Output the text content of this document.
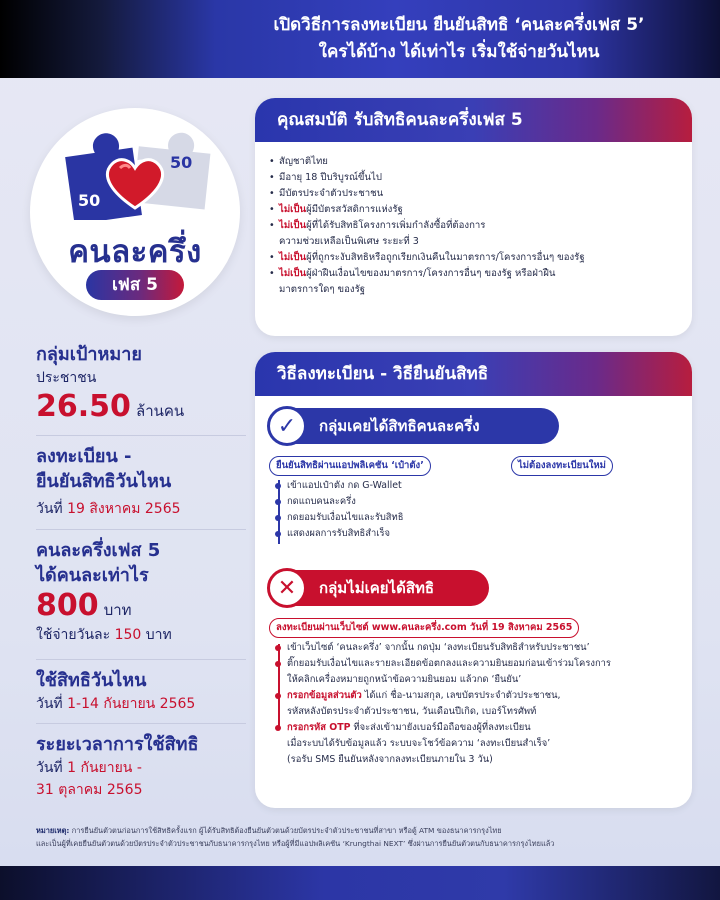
เปิดวิธีการลงทะเบียน ยืนยันสิทธิ ‘คนละครึ่งเฟส 5’
ใครได้บ้าง ได้เท่าไร เริ่มใช้จ่ายวันไหน
50
50
คนละครึ่ง
เฟส 5
กลุ่มเป้าหมาย
ประชาชน
26.50 ล้านคน
ลงทะเบียน -
ยืนยันสิทธิวันไหน
วันที่ 19 สิงหาคม 2565
คนละครึ่งเฟส 5
ได้คนละเท่าไร
800 บาท
ใช้จ่ายวันละ 150 บาท
ใช้สิทธิวันไหน
วันที่ 1-14 กันยายน 2565
ระยะเวลาการใช้สิทธิ
วันที่ 1 กันยายน -
31 ตุลาคม 2565
คุณสมบัติ รับสิทธิคนละครึ่งเฟส 5
• สัญชาติไทย
• มีอายุ 18 ปีบริบูรณ์ขึ้นไป
• มีบัตรประจำตัวประชาชน
• ไม่เป็นผู้มีบัตรสวัสดิการแห่งรัฐ
• ไม่เป็นผู้ที่ได้รับสิทธิโครงการเพิ่มกำลังซื้อที่ต้องการ
ความช่วยเหลือเป็นพิเศษ ระยะที่ 3
• ไม่เป็นผู้ที่ถูกระงับสิทธิหรือถูกเรียกเงินคืนในมาตรการ/โครงการอื่นๆ ของรัฐ
• ไม่เป็นผู้ฝ่าฝืนเงื่อนไขของมาตรการ/โครงการอื่นๆ ของรัฐ หรือฝ่าฝืน
มาตรการใดๆ ของรัฐ
วิธีลงทะเบียน - วิธียืนยันสิทธิ
กลุ่มเคยได้สิทธิคนละครึ่ง
✓
ยืนยันสิทธิผ่านแอปพลิเคชัน ‘เป๋าตัง’	ไม่ต้องลงทะเบียนใหม่
เข้าแอปเป๋าตัง กด G-Wallet
กดแถบคนละครึ่ง
กดยอมรับเงื่อนไขและรับสิทธิ
แสดงผลการรับสิทธิสำเร็จ
กลุ่มไม่เคยได้สิทธิ
✕
ลงทะเบียนผ่านเว็บไซต์ www.คนละครึ่ง.com วันที่ 19 สิงหาคม 2565
เข้าเว็บไซต์ ‘คนละครึ่ง’ จากนั้น กดปุ่ม ‘ลงทะเบียนรับสิทธิสำหรับประชาชน’
ติ๊กยอมรับเงื่อนไขและรายละเอียดข้อตกลงและความยินยอมก่อนเข้าร่วมโครงการ
ให้คลิกเครื่องหมายถูกหน้าข้อความยินยอม แล้วกด ‘ยืนยัน’
กรอกข้อมูลส่วนตัว ได้แก่ ชื่อ-นามสกุล, เลขบัตรประจำตัวประชาชน,
รหัสหลังบัตรประจำตัวประชาชน, วันเดือนปีเกิด, เบอร์โทรศัพท์
กรอกรหัส OTP ที่จะส่งเข้ามายังเบอร์มือถือของผู้ที่ลงทะเบียน
เมื่อระบบได้รับข้อมูลแล้ว ระบบจะโชว์ข้อความ ‘ลงทะเบียนสำเร็จ’
(รอรับ SMS ยืนยันหลังจากลงทะเบียนภายใน 3 วัน)
หมายเหตุ: การยืนยันตัวตนก่อนการใช้สิทธิครั้งแรก ผู้ได้รับสิทธิต้องยืนยันตัวตนด้วยบัตรประจำตัวประชาชนที่สาขา หรือตู้ ATM ของธนาคารกรุงไทย
และเป็นผู้ที่เคยยืนยันตัวตนด้วยบัตรประจำตัวประชาชนกับธนาคารกรุงไทย หรือผู้ที่มีแอปพลิเคชัน ‘Krungthai NEXT’ ซึ่งผ่านการยืนยันตัวตนกับธนาคารกรุงไทยแล้ว
